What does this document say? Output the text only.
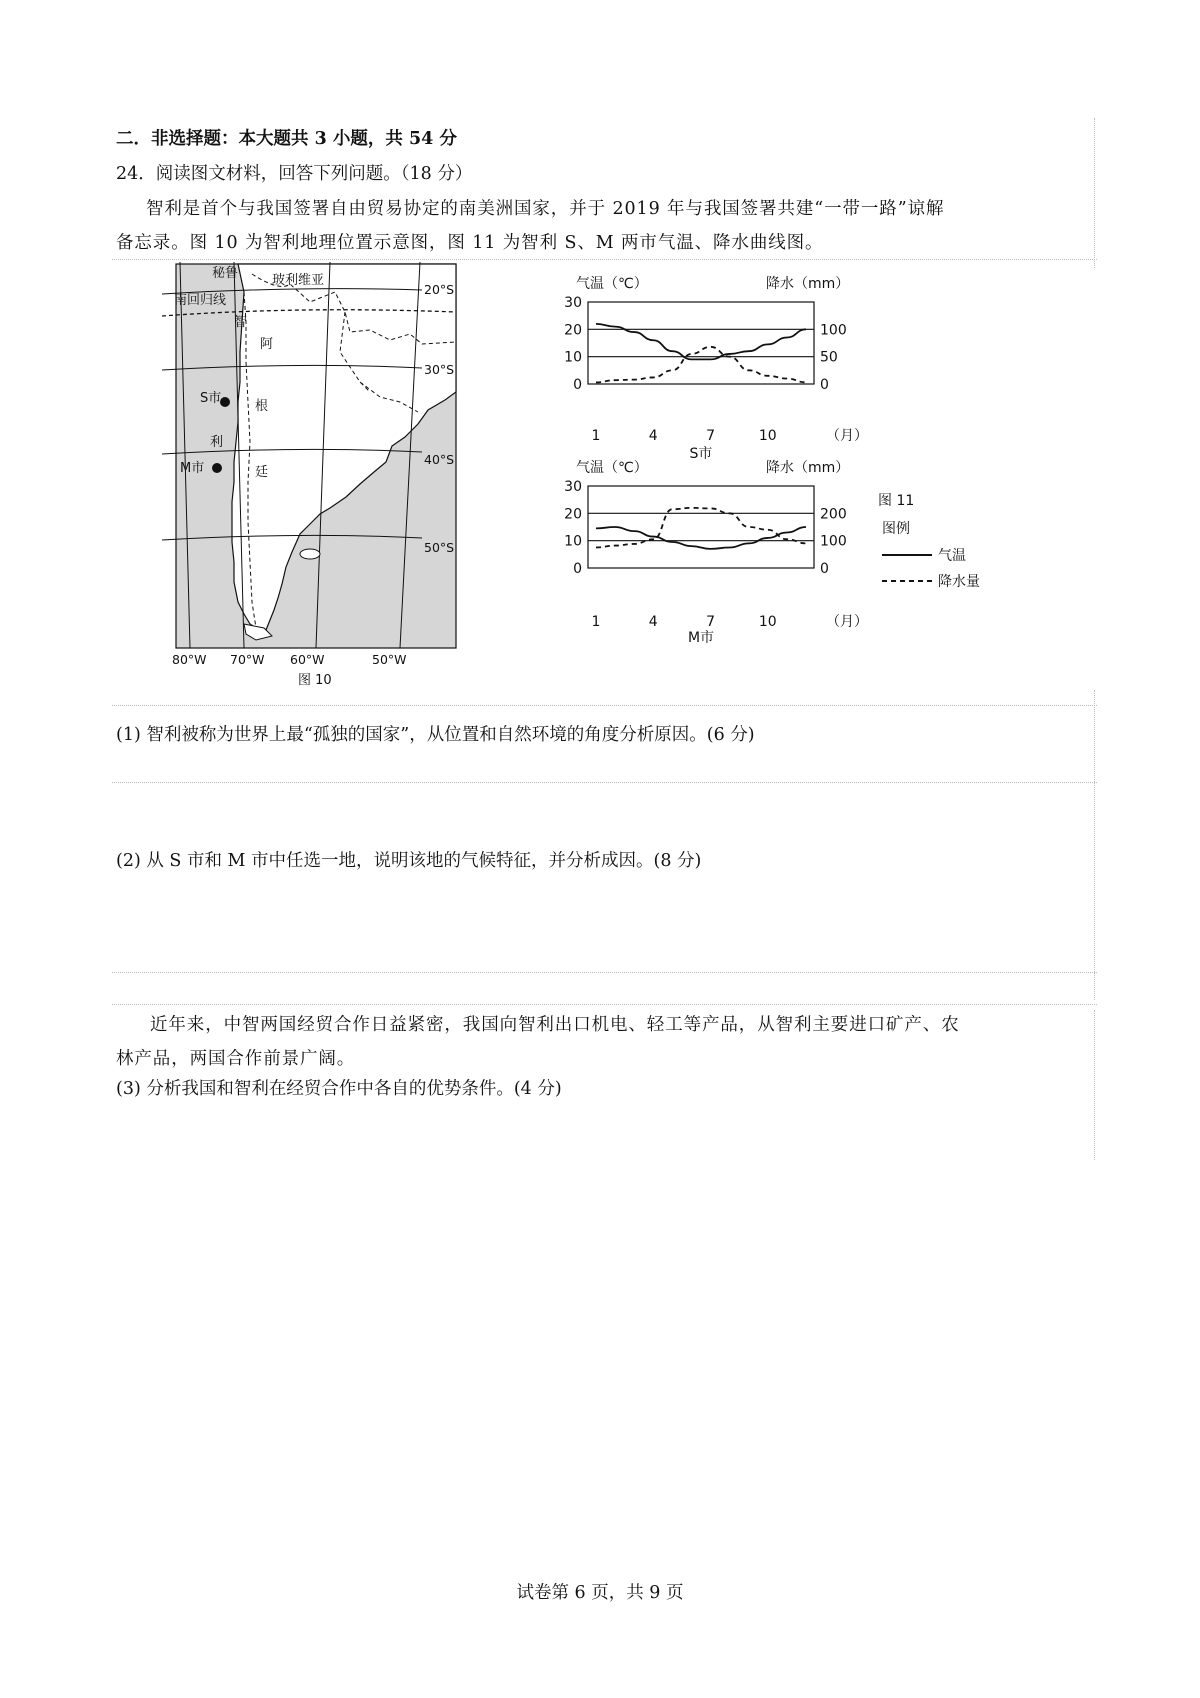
二．非选择题：本大题共 3 小题，共 54 分
24．阅读图文材料，回答下列问题。（18 分）
智利是首个与我国签署自由贸易协定的南美洲国家，并于 2019 年与我国签署共建“一带一路”谅解
备忘录。图 10 为智利地理位置示意图，图 11 为智利 S、M 两市气温、降水曲线图。
秘鲁	玻利维亚
南回归线
智
利
阿
根
廷
S市
M市
20°S
30°S
40°S
50°S
80°W 70°W 60°W	50°W
图 10
0
10
20
30
0
50
100
气温（℃）	降水（mm）
1	4	7	10	（月）
S市
0
10
20
30
0
100
200
气温（℃）	降水（mm）
1	4	7	10	（月）
M市
图 11
图例
气温
降水量
(1) 智利被称为世界上最“孤独的国家”，从位置和自然环境的角度分析原因。(6 分)
(2) 从 S 市和 M 市中任选一地，说明该地的气候特征，并分析成因。(8 分)
近年来，中智两国经贸合作日益紧密，我国向智利出口机电、轻工等产品，从智利主要进口矿产、农
林产品，两国合作前景广阔。
(3) 分析我国和智利在经贸合作中各自的优势条件。(4 分)
试卷第 6 页，共 9 页
